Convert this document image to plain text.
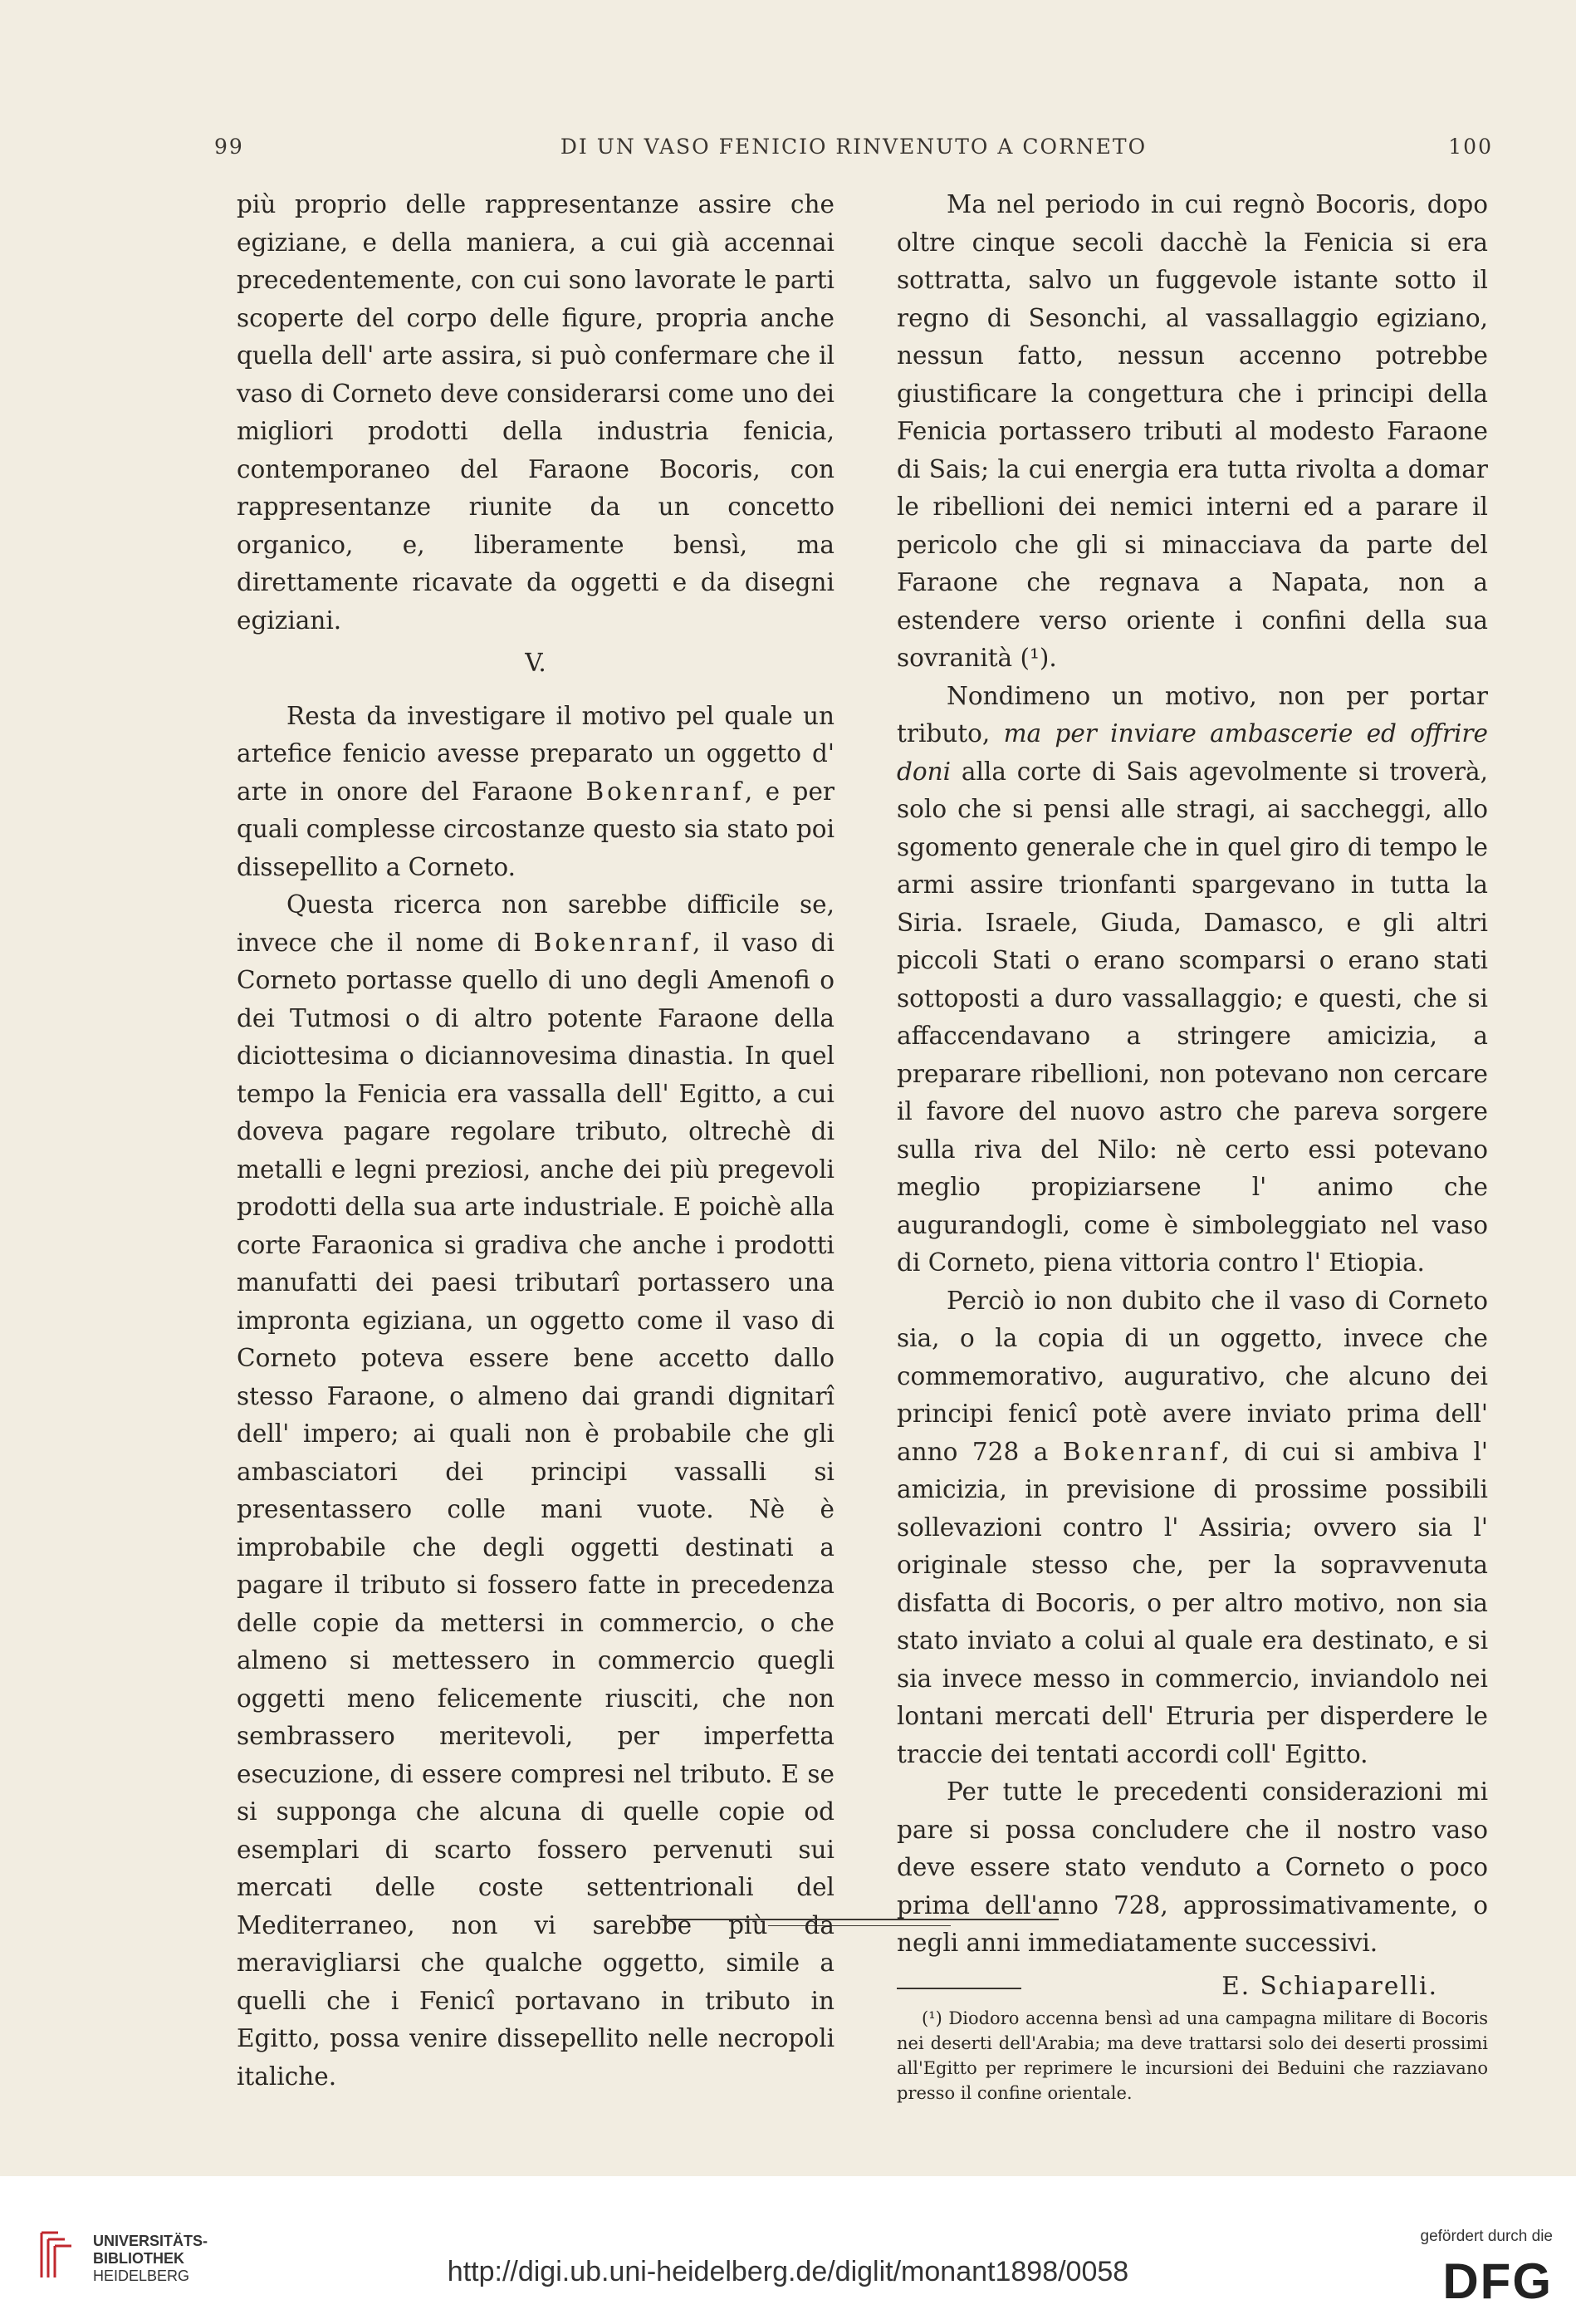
99	DI UN VASO FENICIO RINVENUTO A CORNETO	100

più proprio delle rappresentanze assire che egiziane, e della maniera, a cui già accennai precedentemente, con cui sono lavorate le parti scoperte del corpo delle figure, propria anche quella dell' arte assira, si può confermare che il vaso di Corneto deve considerarsi come uno dei migliori prodotti della industria fenicia, contemporaneo del Faraone Bocoris, con rappresentanze riunite da un concetto organico, e, liberamente bensì, ma direttamente ricavate da oggetti e da disegni egiziani.

V.

Resta da investigare il motivo pel quale un artefice fenicio avesse preparato un oggetto d' arte in onore del Faraone Bokenranf, e per quali complesse circostanze questo sia stato poi dissepellito a Corneto.

Questa ricerca non sarebbe difficile se, invece che il nome di Bokenranf, il vaso di Corneto portasse quello di uno degli Amenofi o dei Tutmosi o di altro potente Faraone della diciottesima o diciannovesima dinastia. In quel tempo la Fenicia era vassalla dell' Egitto, a cui doveva pagare regolare tributo, oltrechè di metalli e legni preziosi, anche dei più pregevoli prodotti della sua arte industriale. E poichè alla corte Faraonica si gradiva che anche i prodotti manufatti dei paesi tributarî portassero una impronta egiziana, un oggetto come il vaso di Corneto poteva essere bene accetto dallo stesso Faraone, o almeno dai grandi dignitarî dell' impero; ai quali non è probabile che gli ambasciatori dei principi vassalli si presentassero colle mani vuote. Nè è improbabile che degli oggetti destinati a pagare il tributo si fossero fatte in precedenza delle copie da mettersi in commercio, o che almeno si mettessero in commercio quegli oggetti meno felicemente riusciti, che non sembrassero meritevoli, per imperfetta esecuzione, di essere compresi nel tributo. E se si supponga che alcuna di quelle copie od esemplari di scarto fossero pervenuti sui mercati delle coste settentrionali del Mediterraneo, non vi sarebbe più da meravigliarsi che qualche oggetto, simile a quelli che i Fenicî portavano in tributo in Egitto, possa venire dissepellito nelle necropoli italiche.

Ma nel periodo in cui regnò Bocoris, dopo oltre cinque secoli dacchè la Fenicia si era sottratta, salvo un fuggevole istante sotto il regno di Sesonchi, al vassallaggio egiziano, nessun fatto, nessun accenno potrebbe giustificare la congettura che i principi della Fenicia portassero tributi al modesto Faraone di Sais; la cui energia era tutta rivolta a domar le ribellioni dei nemici interni ed a parare il pericolo che gli si minacciava da parte del Faraone che regnava a Napata, non a estendere verso oriente i confini della sua sovranità (¹).

Nondimeno un motivo, non per portar tributo, ma per inviare ambascerie ed offrire doni alla corte di Sais agevolmente si troverà, solo che si pensi alle stragi, ai saccheggi, allo sgomento generale che in quel giro di tempo le armi assire trionfanti spargevano in tutta la Siria. Israele, Giuda, Damasco, e gli altri piccoli Stati o erano scomparsi o erano stati sottoposti a duro vassallaggio; e questi, che si affaccendavano a stringere amicizia, a preparare ribellioni, non potevano non cercare il favore del nuovo astro che pareva sorgere sulla riva del Nilo: nè certo essi potevano meglio propiziarsene l' animo che augurandogli, come è simboleggiato nel vaso di Corneto, piena vittoria contro l' Etiopia.

Perciò io non dubito che il vaso di Corneto sia, o la copia di un oggetto, invece che commemorativo, augurativo, che alcuno dei principi fenicî potè avere inviato prima dell' anno 728 a Bokenranf, di cui si ambiva l' amicizia, in previsione di prossime possibili sollevazioni contro l' Assiria; ovvero sia l' originale stesso che, per la sopravvenuta disfatta di Bocoris, o per altro motivo, non sia stato inviato a colui al quale era destinato, e si sia invece messo in commercio, inviandolo nei lontani mercati dell' Etruria per disperdere le traccie dei tentati accordi coll' Egitto.

Per tutte le precedenti considerazioni mi pare si possa concludere che il nostro vaso deve essere stato venduto a Corneto o poco prima dell'anno 728, approssimativamente, o negli anni immediatamente successivi.

E. Schiaparelli.

(¹) Diodoro accenna bensì ad una campagna militare di Bocoris nei deserti dell'Arabia; ma deve trattarsi solo dei deserti prossimi all'Egitto per reprimere le incursioni dei Beduini che razziavano presso il confine orientale.

UNIVERSITÄTS-
BIBLIOTHEK
HEIDELBERG	http://digi.ub.uni-heidelberg.de/diglit/monant1898/0058
gefördert durch die
DFG
